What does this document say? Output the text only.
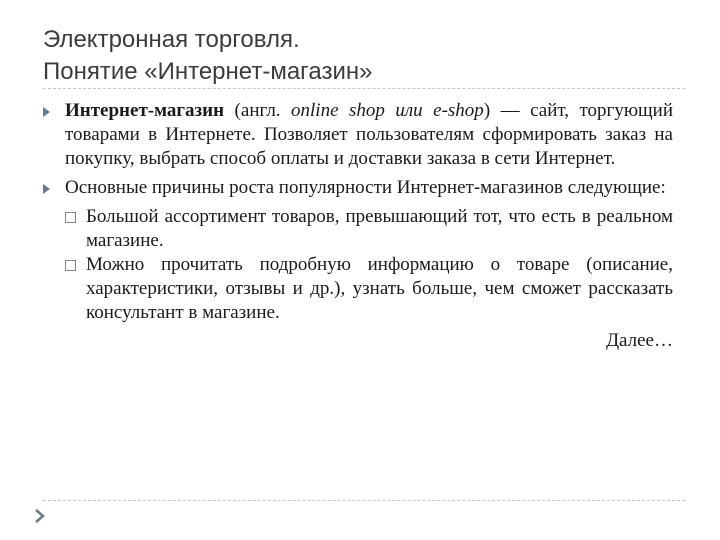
Электронная торговля.
Понятие «Интернет-магазин»

Интернет-магазин (англ. online shop или e-shop) — сайт, торгующий товарами в Интернете. Позволяет пользователям сформировать заказ на покупку, выбрать способ оплаты и доставки заказа в сети Интернет.

Основные причины роста популярности Интернет-магазинов следующие:

Большой ассортимент товаров, превышающий тот, что есть в реальном магазине.

Можно прочитать подробную информацию о товаре (описание, характеристики, отзывы и др.), узнать больше, чем сможет рассказать консультант в магазине.

Далее…
